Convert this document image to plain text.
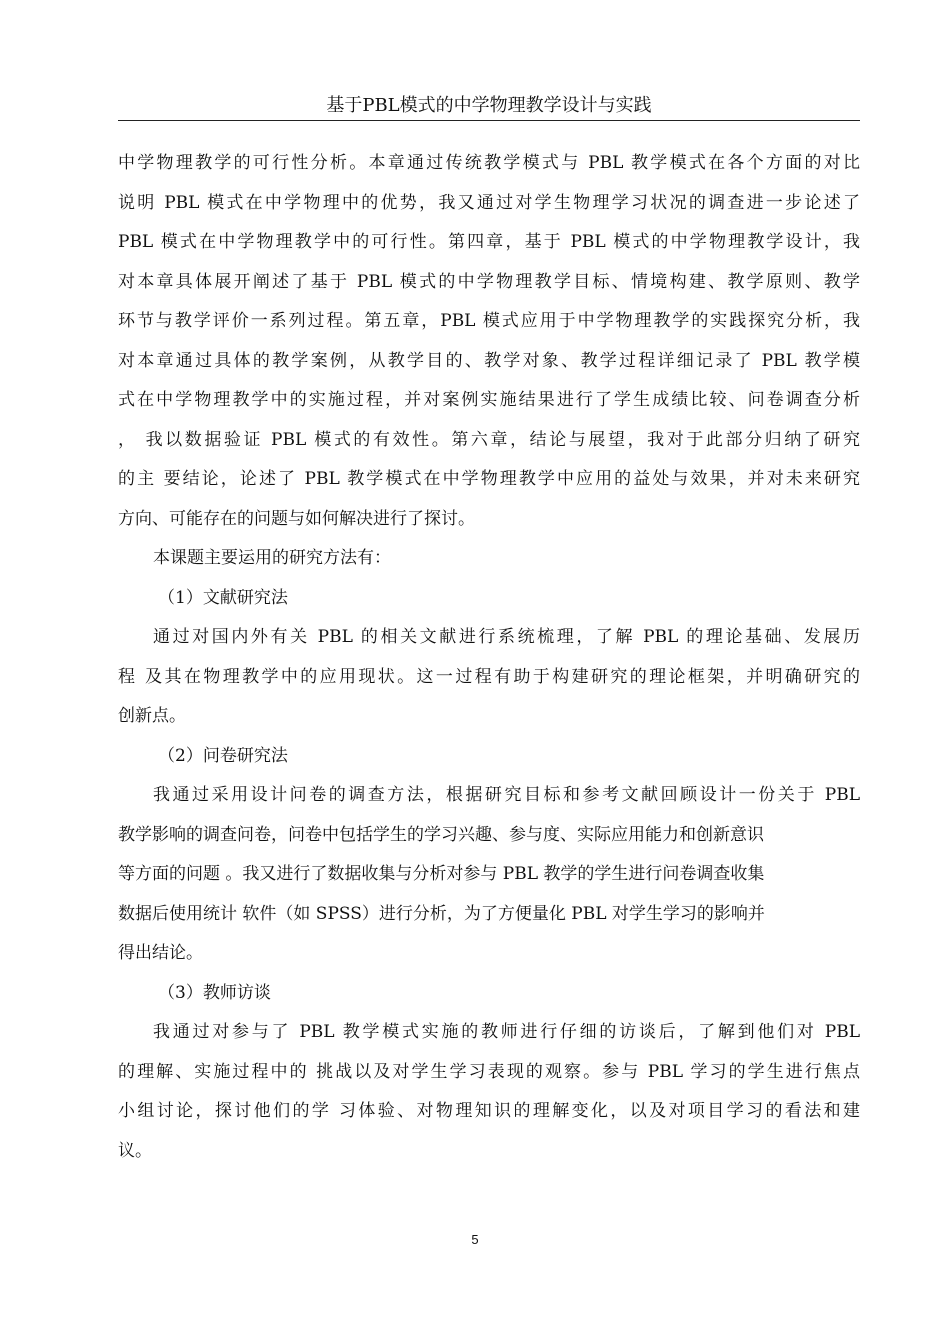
基于PBL模式的中学物理教学设计与实践
中学物理教学的可行性分析。本章通过传统教学模式与 PBL 教学模式在各个方面的对比
说明 PBL 模式在中学物理中的优势，我又通过对学生物理学习状况的调查进一步论述了
PBL 模式在中学物理教学中的可行性。第四章，基于 PBL 模式的中学物理教学设计，我
对本章具体展开阐述了基于 PBL 模式的中学物理教学目标、情境构建、教学原则、教学
环节与教学评价一系列过程。第五章，PBL 模式应用于中学物理教学的实践探究分析，我
对本章通过具体的教学案例，从教学目的、教学对象、教学过程详细记录了 PBL 教学模
式在中学物理教学中的实施过程，并对案例实施结果进行了学生成绩比较、问卷调查分析
， 我以数据验证 PBL 模式的有效性。第六章，结论与展望，我对于此部分归纳了研究
的主 要结论，论述了 PBL 教学模式在中学物理教学中应用的益处与效果，并对未来研究
方向、可能存在的问题与如何解决进行了探讨。
本课题主要运用的研究方法有：
（1）文献研究法
通过对国内外有关 PBL 的相关文献进行系统梳理，了解 PBL 的理论基础、发展历
程 及其在物理教学中的应用现状。这一过程有助于构建研究的理论框架，并明确研究的
创新点。
（2）问卷研究法
我通过采用设计问卷的调查方法，根据研究目标和参考文献回顾设计一份关于 PBL
教学影响的调查问卷，问卷中包括学生的学习兴趣、参与度、实际应用能力和创新意识
等方面的问题 。我又进行了数据收集与分析对参与 PBL 教学的学生进行问卷调查收集
数据后使用统计 软件（如 SPSS）进行分析，为了方便量化 PBL 对学生学习的影响并
得出结论。
（3）教师访谈
我通过对参与了 PBL 教学模式实施的教师进行仔细的访谈后，了解到他们对 PBL
的理解、实施过程中的 挑战以及对学生学习表现的观察。参与 PBL 学习的学生进行焦点
小组讨论，探讨他们的学 习体验、对物理知识的理解变化，以及对项目学习的看法和建
议。
5
